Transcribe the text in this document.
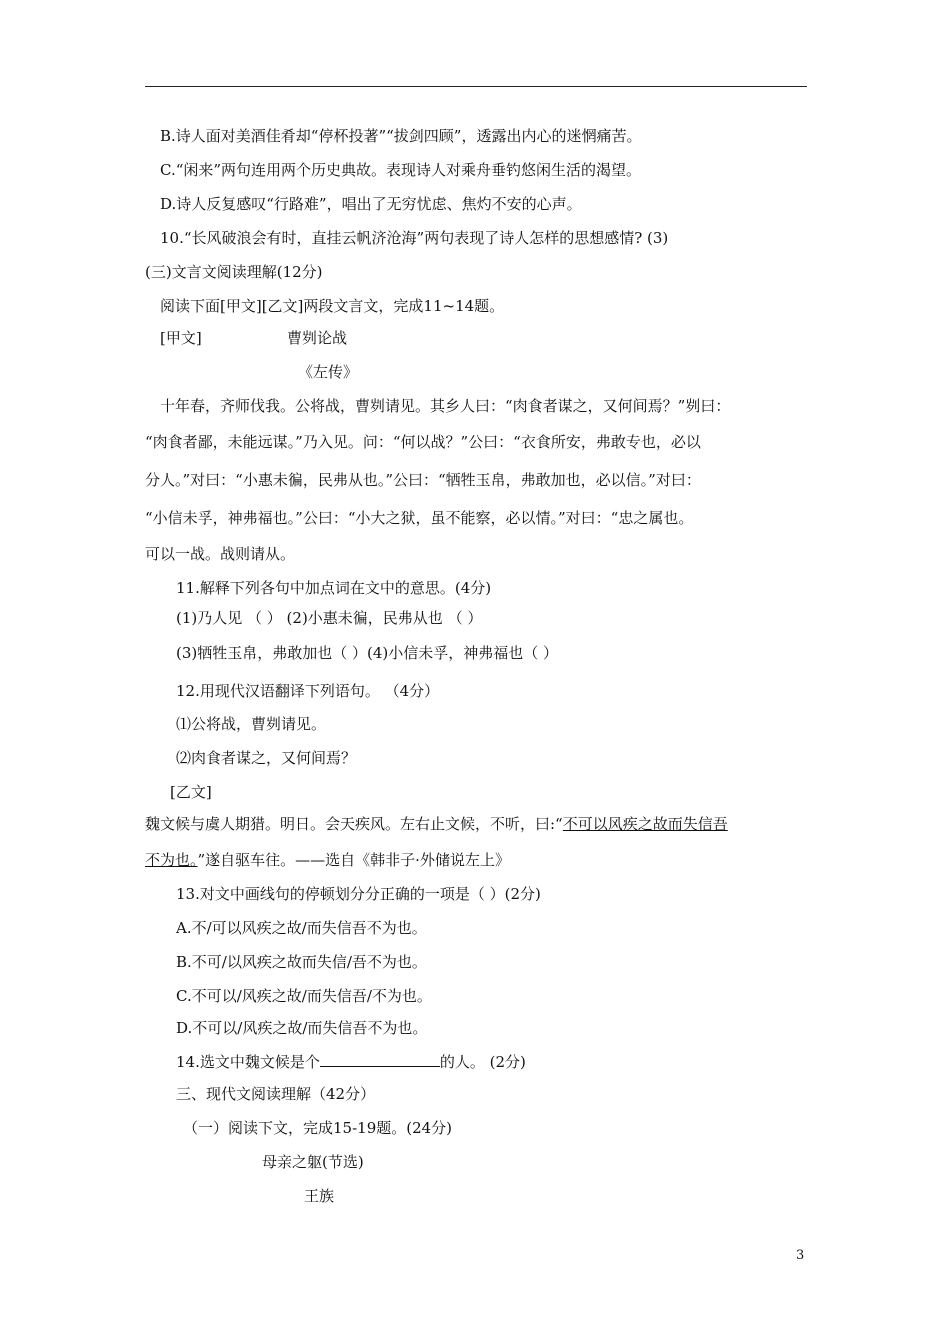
B.诗人面对美酒佳肴却“停杯投著”“拔剑四顾”，透露出内心的迷惘痛苦。
C.“闲来”两句连用两个历史典故。表现诗人对乘舟垂钓悠闲生活的渴望。
D.诗人反复感叹“行路难”，唱出了无穷忧虑、焦灼不安的心声。
10.“长风破浪会有时，直挂云帆济沧海”两句表现了诗人怎样的思想感情? (3)
(三)文言文阅读理解(12分)
阅读下面[甲文][乙文]两段文言文，完成11~14题。
[甲文]	曹刿论战
《左传》
十年春，齐师伐我。公将战，曹刿请见。其乡人曰：“肉食者谋之，又何间焉？”刿曰：
“肉食者鄙，未能远谋。”乃入见。问：“何以战？”公曰：“衣食所安，弗敢专也，必以
分人。”对曰：“小惠未徧，民弗从也。”公曰：“牺牲玉帛，弗敢加也，必以信。”对曰：
“小信未孚，神弗福也。”公曰：“小大之狱，虽不能察，必以情。”对曰：“忠之属也。
可以一战。战则请从。
11.解释下列各句中加点词在文中的意思。(4分)
(1)乃人见 （ ） (2)小惠未徧，民弗从也 （ ）
(3)牺牲玉帛，弗敢加也（ ）(4)小信未孚，神弗福也（ ）
12.用现代汉语翻译下列语句。 （4分）
⑴公将战，曹刿请见。
⑵肉食者谋之，又何间焉？
[乙文]
魏文候与虞人期猎。明日。会天疾风。左右止文候，不听，曰:“不可以风疾之故而失信吾
不为也。”遂自驱车往。——选自《韩非子·外储说左上》
13.对文中画线句的停顿划分分正确的一项是（ ）(2分)
A.不/可以风疾之故/而失信吾不为也。
B.不可/以风疾之故而失信/吾不为也。
C.不可以/风疾之故/而失信吾/不为也。
D.不可以/风疾之故/而失信吾不为也。
14.选文中魏文候是个	的人。 (2分)
三、现代文阅读理解（42分）
（一）阅读下文，完成15-19题。(24分)
母亲之躯(节选)
王族
3
